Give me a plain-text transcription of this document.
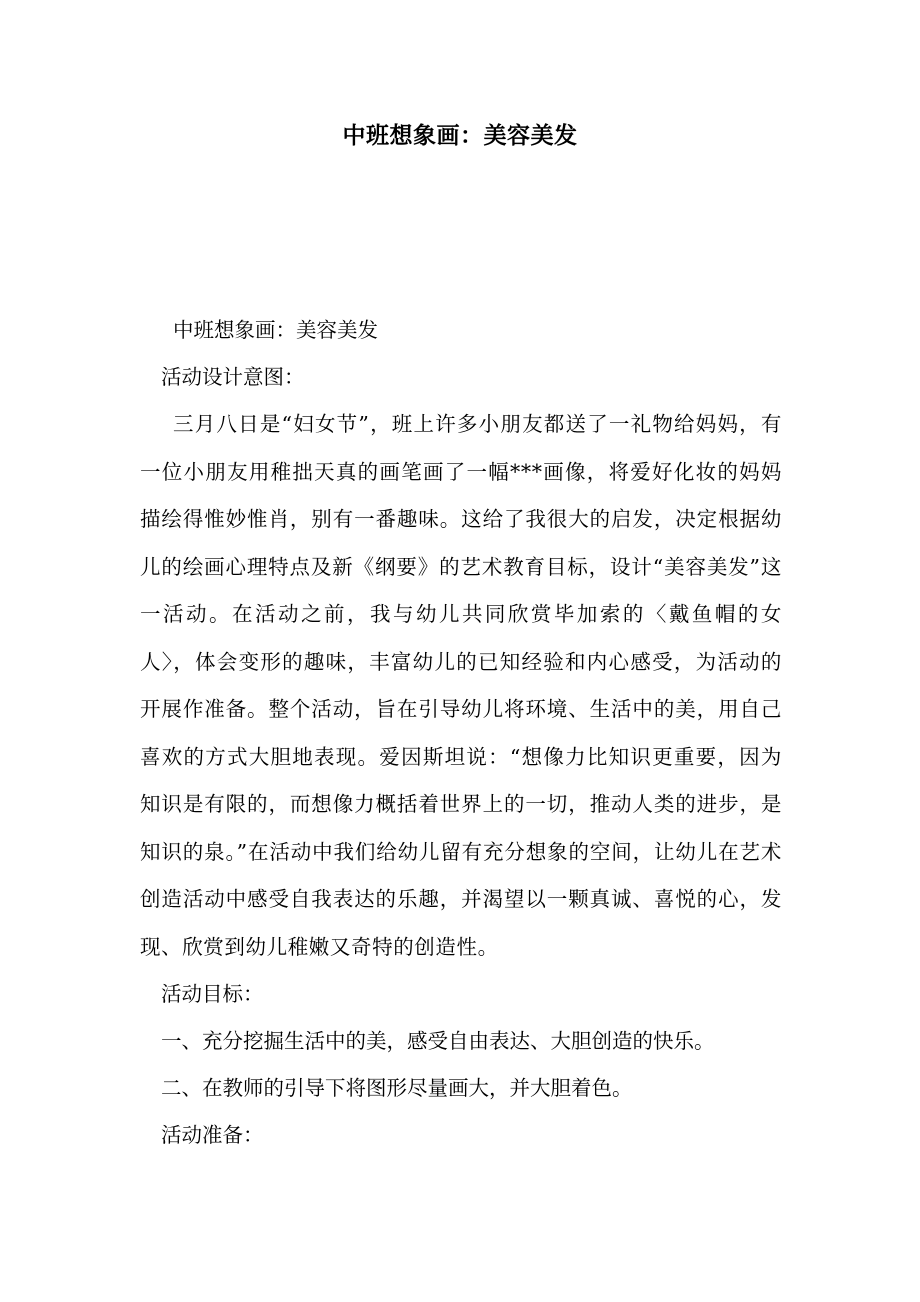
中班想象画：美容美发

中班想象画：美容美发

活动设计意图：

三月八日是“妇女节”，班上许多小朋友都送了一礼物给妈妈，有一位小朋友用稚拙天真的画笔画了一幅***画像，将爱好化妆的妈妈描绘得惟妙惟肖，别有一番趣味。这给了我很大的启发，决定根据幼儿的绘画心理特点及新《纲要》的艺术教育目标，设计“美容美发”这一活动。在活动之前，我与幼儿共同欣赏毕加索的〈戴鱼帽的女人〉，体会变形的趣味，丰富幼儿的已知经验和内心感受，为活动的开展作准备。整个活动，旨在引导幼儿将环境、生活中的美，用自己喜欢的方式大胆地表现。爱因斯坦说：“想像力比知识更重要，因为知识是有限的，而想像力概括着世界上的一切，推动人类的进步，是知识的泉。”在活动中我们给幼儿留有充分想象的空间，让幼儿在艺术创造活动中感受自我表达的乐趣，并渴望以一颗真诚、喜悦的心，发现、欣赏到幼儿稚嫩又奇特的创造性。

活动目标：

一、充分挖掘生活中的美，感受自由表达、大胆创造的快乐。

二、在教师的引导下将图形尽量画大，并大胆着色。

活动准备：
